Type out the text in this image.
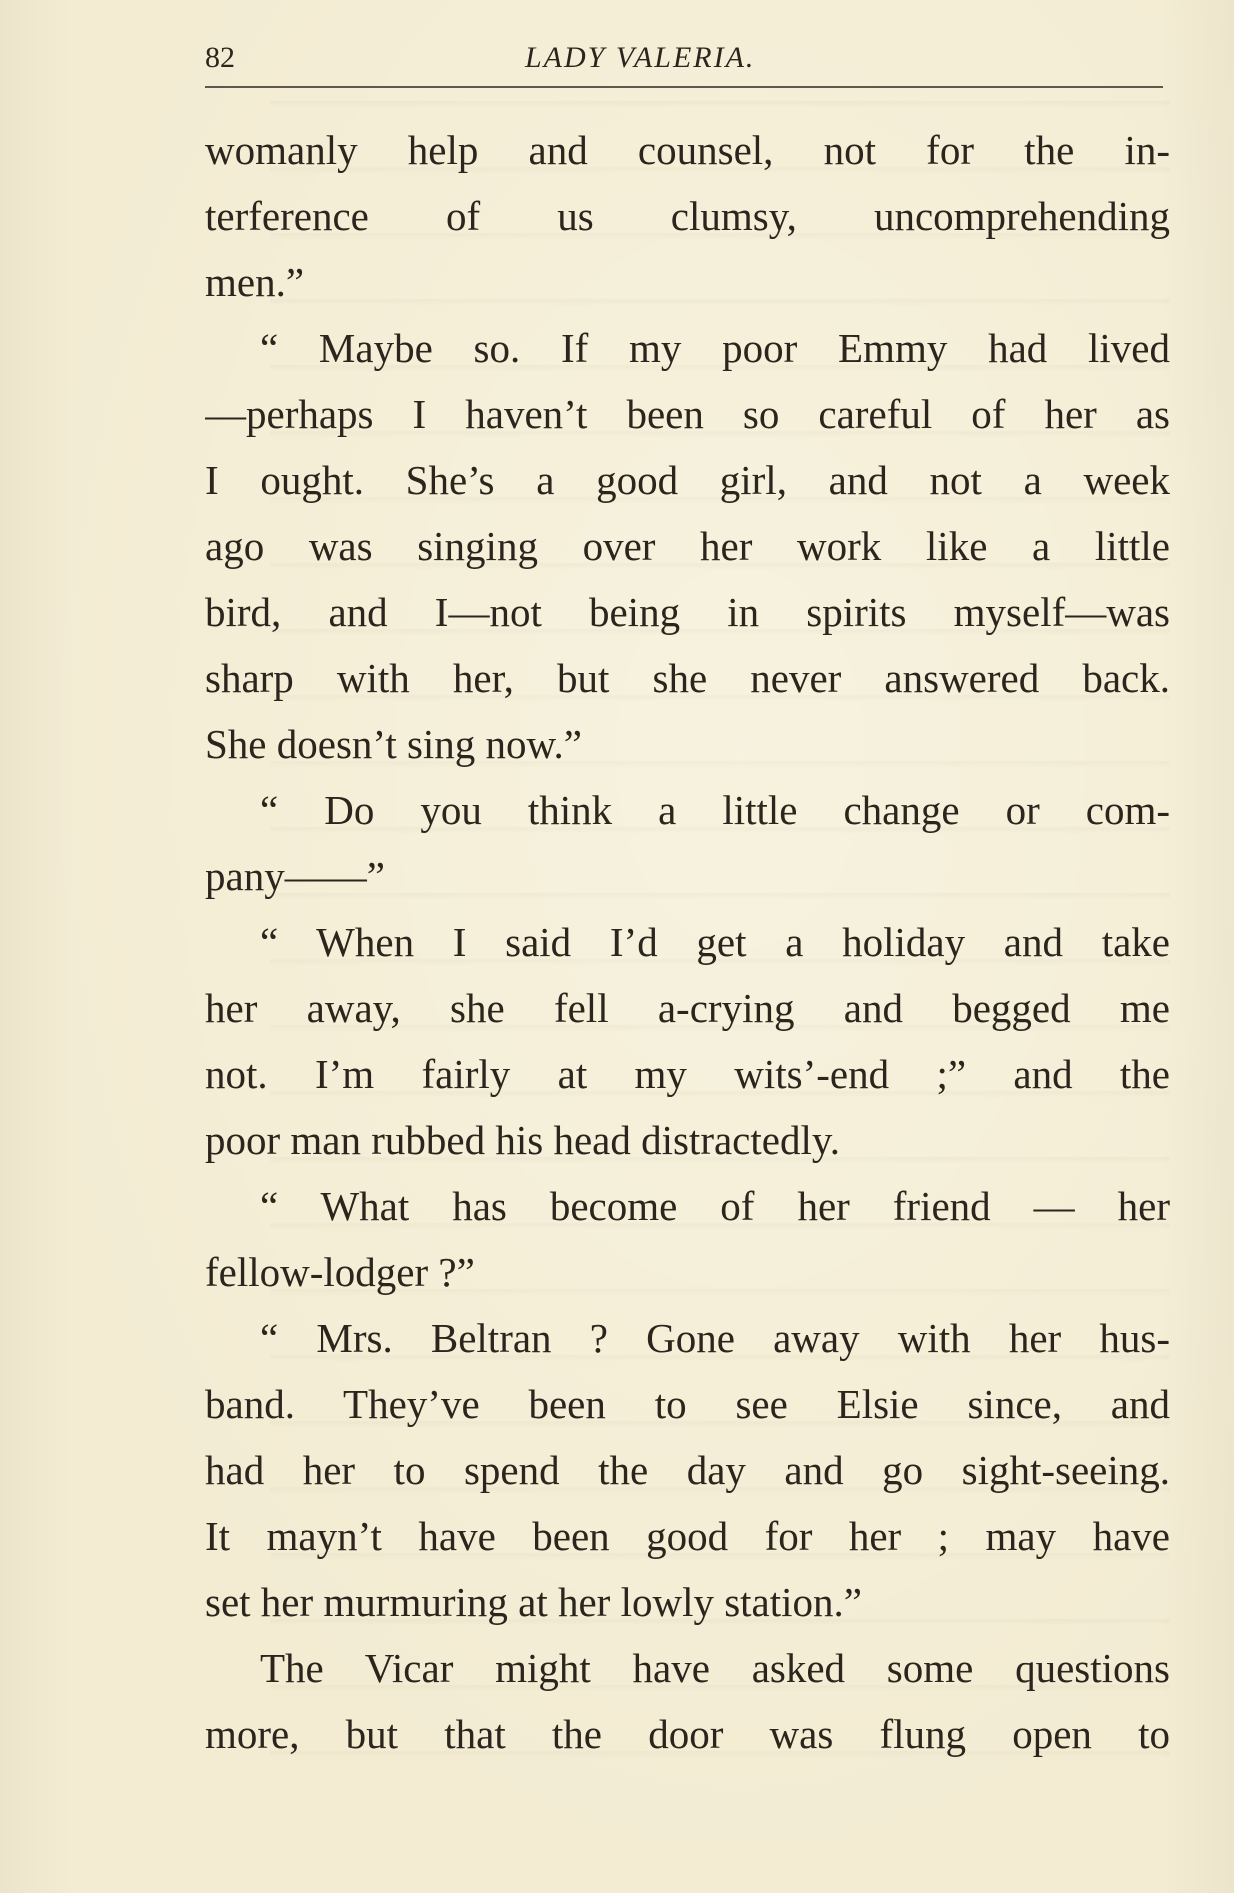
82	LADY VALERIA.
womanly help and counsel, not for the in-
terference of us clumsy, uncomprehending
men.”
“ Maybe so. If my poor Emmy had lived
—perhaps I haven’t been so careful of her as
I ought. She’s a good girl, and not a week
ago was singing over her work like a little
bird, and I—not being in spirits myself—was
sharp with her, but she never answered back.
She doesn’t sing now.”
“ Do you think a little change or com-
pany——”
“ When I said I’d get a holiday and take
her away, she fell a-crying and begged me
not. I’m fairly at my wits’-end ;” and the
poor man rubbed his head distractedly.
“ What has become of her friend — her
fellow-lodger ?”
“ Mrs. Beltran ? Gone away with her hus-
band. They’ve been to see Elsie since, and
had her to spend the day and go sight-seeing.
It mayn’t have been good for her ; may have
set her murmuring at her lowly station.”
The Vicar might have asked some questions
more, but that the door was flung open to
